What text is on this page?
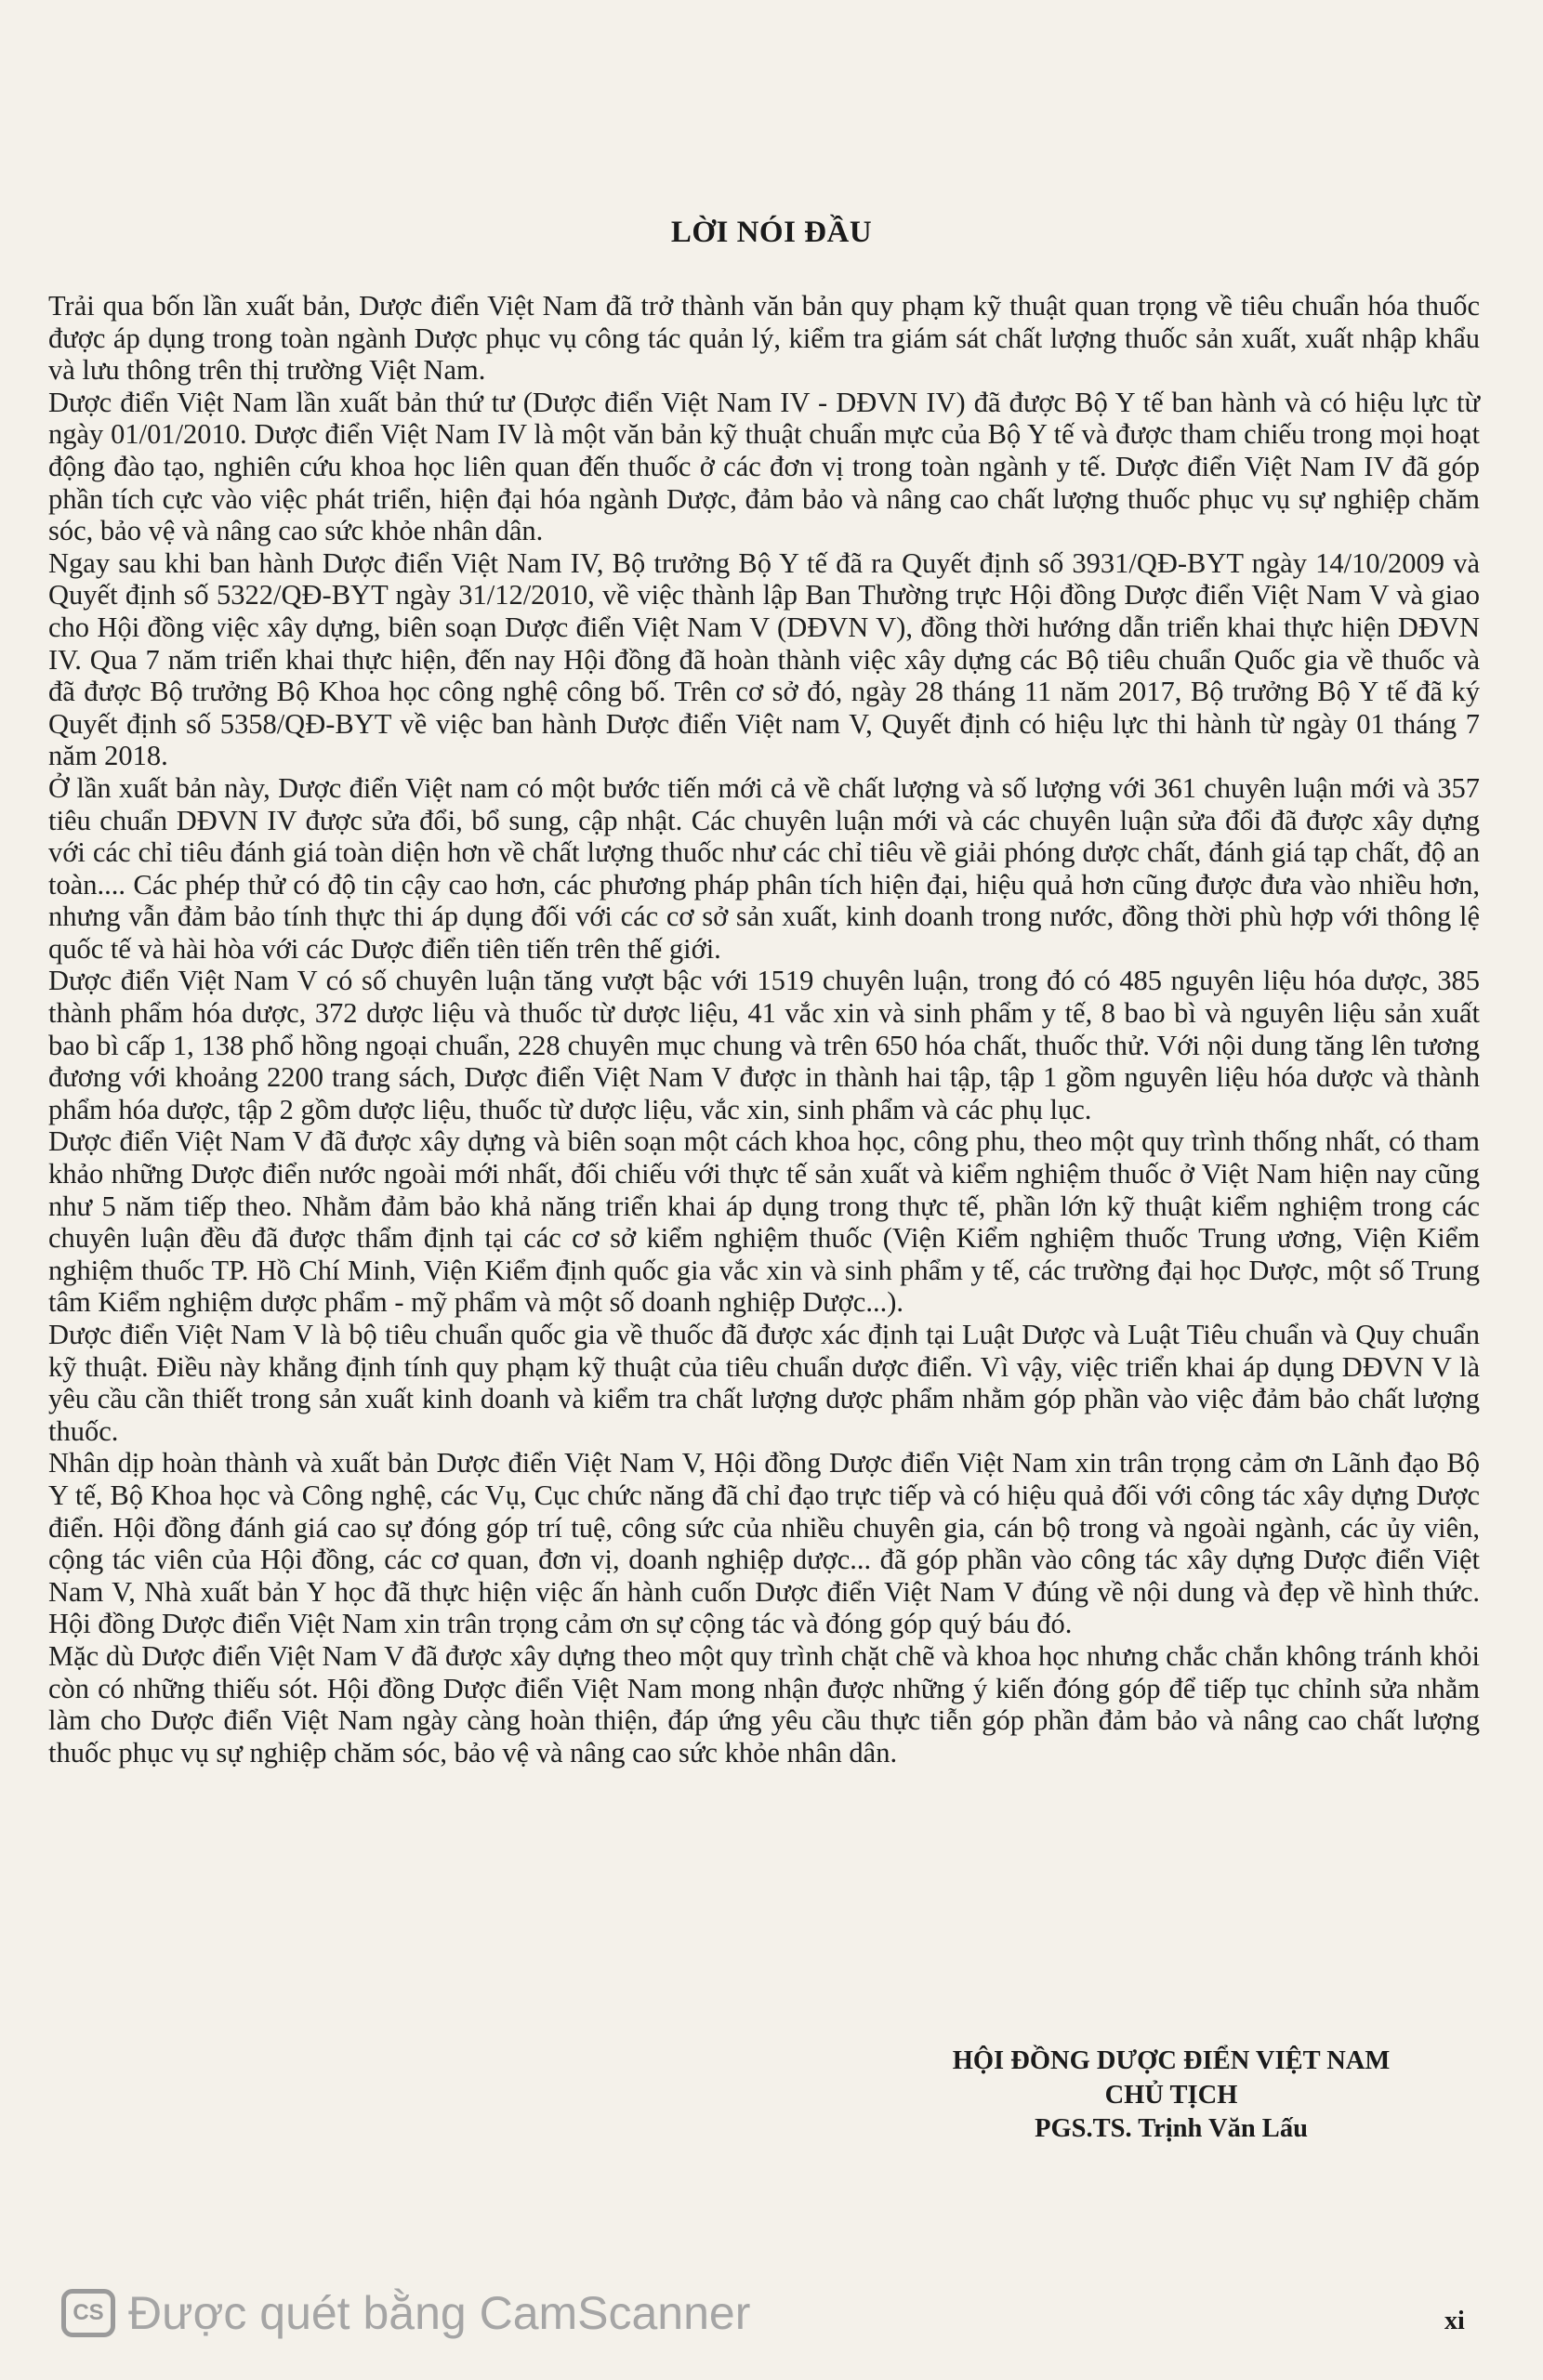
LỜI NÓI ĐẦU

Trải qua bốn lần xuất bản, Dược điển Việt Nam đã trở thành văn bản quy phạm kỹ thuật quan trọng về tiêu chuẩn hóa thuốc được áp dụng trong toàn ngành Dược phục vụ công tác quản lý, kiểm tra giám sát chất lượng thuốc sản xuất, xuất nhập khẩu và lưu thông trên thị trường Việt Nam.

Dược điển Việt Nam lần xuất bản thứ tư (Dược điển Việt Nam IV - DĐVN IV) đã được Bộ Y tế ban hành và có hiệu lực từ ngày 01/01/2010. Dược điển Việt Nam IV là một văn bản kỹ thuật chuẩn mực của Bộ Y tế và được tham chiếu trong mọi hoạt động đào tạo, nghiên cứu khoa học liên quan đến thuốc ở các đơn vị trong toàn ngành y tế. Dược điển Việt Nam IV đã góp phần tích cực vào việc phát triển, hiện đại hóa ngành Dược, đảm bảo và nâng cao chất lượng thuốc phục vụ sự nghiệp chăm sóc, bảo vệ và nâng cao sức khỏe nhân dân.

Ngay sau khi ban hành Dược điển Việt Nam IV, Bộ trưởng Bộ Y tế đã ra Quyết định số 3931/QĐ-BYT ngày 14/10/2009 và Quyết định số 5322/QĐ-BYT ngày 31/12/2010, về việc thành lập Ban Thường trực Hội đồng Dược điển Việt Nam V và giao cho Hội đồng việc xây dựng, biên soạn Dược điển Việt Nam V (DĐVN V), đồng thời hướng dẫn triển khai thực hiện DĐVN IV. Qua 7 năm triển khai thực hiện, đến nay Hội đồng đã hoàn thành việc xây dựng các Bộ tiêu chuẩn Quốc gia về thuốc và đã được Bộ trưởng Bộ Khoa học công nghệ công bố. Trên cơ sở đó, ngày 28 tháng 11 năm 2017, Bộ trưởng Bộ Y tế đã ký Quyết định số 5358/QĐ-BYT về việc ban hành Dược điển Việt nam V, Quyết định có hiệu lực thi hành từ ngày 01 tháng 7 năm 2018.

Ở lần xuất bản này, Dược điển Việt nam có một bước tiến mới cả về chất lượng và số lượng với 361 chuyên luận mới và 357 tiêu chuẩn DĐVN IV được sửa đổi, bổ sung, cập nhật. Các chuyên luận mới và các chuyên luận sửa đổi đã được xây dựng với các chỉ tiêu đánh giá toàn diện hơn về chất lượng thuốc như các chỉ tiêu về giải phóng dược chất, đánh giá tạp chất, độ an toàn.... Các phép thử có độ tin cậy cao hơn, các phương pháp phân tích hiện đại, hiệu quả hơn cũng được đưa vào nhiều hơn, nhưng vẫn đảm bảo tính thực thi áp dụng đối với các cơ sở sản xuất, kinh doanh trong nước, đồng thời phù hợp với thông lệ quốc tế và hài hòa với các Dược điển tiên tiến trên thế giới.

Dược điển Việt Nam V có số chuyên luận tăng vượt bậc với 1519 chuyên luận, trong đó có 485 nguyên liệu hóa dược, 385 thành phẩm hóa dược, 372 dược liệu và thuốc từ dược liệu, 41 vắc xin và sinh phẩm y tế, 8 bao bì và nguyên liệu sản xuất bao bì cấp 1, 138 phổ hồng ngoại chuẩn, 228 chuyên mục chung và trên 650 hóa chất, thuốc thử. Với nội dung tăng lên tương đương với khoảng 2200 trang sách, Dược điển Việt Nam V được in thành hai tập, tập 1 gồm nguyên liệu hóa dược và thành phẩm hóa dược, tập 2 gồm dược liệu, thuốc từ dược liệu, vắc xin, sinh phẩm và các phụ lục.

Dược điển Việt Nam V đã được xây dựng và biên soạn một cách khoa học, công phu, theo một quy trình thống nhất, có tham khảo những Dược điển nước ngoài mới nhất, đối chiếu với thực tế sản xuất và kiểm nghiệm thuốc ở Việt Nam hiện nay cũng như 5 năm tiếp theo. Nhằm đảm bảo khả năng triển khai áp dụng trong thực tế, phần lớn kỹ thuật kiểm nghiệm trong các chuyên luận đều đã được thẩm định tại các cơ sở kiểm nghiệm thuốc (Viện Kiểm nghiệm thuốc Trung ương, Viện Kiểm nghiệm thuốc TP. Hồ Chí Minh, Viện Kiểm định quốc gia vắc xin và sinh phẩm y tế, các trường đại học Dược, một số Trung tâm Kiểm nghiệm dược phẩm - mỹ phẩm và một số doanh nghiệp Dược...).

Dược điển Việt Nam V là bộ tiêu chuẩn quốc gia về thuốc đã được xác định tại Luật Dược và Luật Tiêu chuẩn và Quy chuẩn kỹ thuật. Điều này khẳng định tính quy phạm kỹ thuật của tiêu chuẩn dược điển. Vì vậy, việc triển khai áp dụng DĐVN V là yêu cầu cần thiết trong sản xuất kinh doanh và kiểm tra chất lượng dược phẩm nhằm góp phần vào việc đảm bảo chất lượng thuốc.

Nhân dịp hoàn thành và xuất bản Dược điển Việt Nam V, Hội đồng Dược điển Việt Nam xin trân trọng cảm ơn Lãnh đạo Bộ Y tế, Bộ Khoa học và Công nghệ, các Vụ, Cục chức năng đã chỉ đạo trực tiếp và có hiệu quả đối với công tác xây dựng Dược điển. Hội đồng đánh giá cao sự đóng góp trí tuệ, công sức của nhiều chuyên gia, cán bộ trong và ngoài ngành, các ủy viên, cộng tác viên của Hội đồng, các cơ quan, đơn vị, doanh nghiệp dược... đã góp phần vào công tác xây dựng Dược điển Việt Nam V, Nhà xuất bản Y học đã thực hiện việc ấn hành cuốn Dược điển Việt Nam V đúng về nội dung và đẹp về hình thức. Hội đồng Dược điển Việt Nam xin trân trọng cảm ơn sự cộng tác và đóng góp quý báu đó.

Mặc dù Dược điển Việt Nam V đã được xây dựng theo một quy trình chặt chẽ và khoa học nhưng chắc chắn không tránh khỏi còn có những thiếu sót. Hội đồng Dược điển Việt Nam mong nhận được những ý kiến đóng góp để tiếp tục chỉnh sửa nhằm làm cho Dược điển Việt Nam ngày càng hoàn thiện, đáp ứng yêu cầu thực tiễn góp phần đảm bảo và nâng cao chất lượng thuốc phục vụ sự nghiệp chăm sóc, bảo vệ và nâng cao sức khỏe nhân dân.

HỘI ĐỒNG DƯỢC ĐIỂN VIỆT NAM
CHỦ TỊCH
PGS.TS. Trịnh Văn Lấu
CS Được quét bằng CamScanner	xi
